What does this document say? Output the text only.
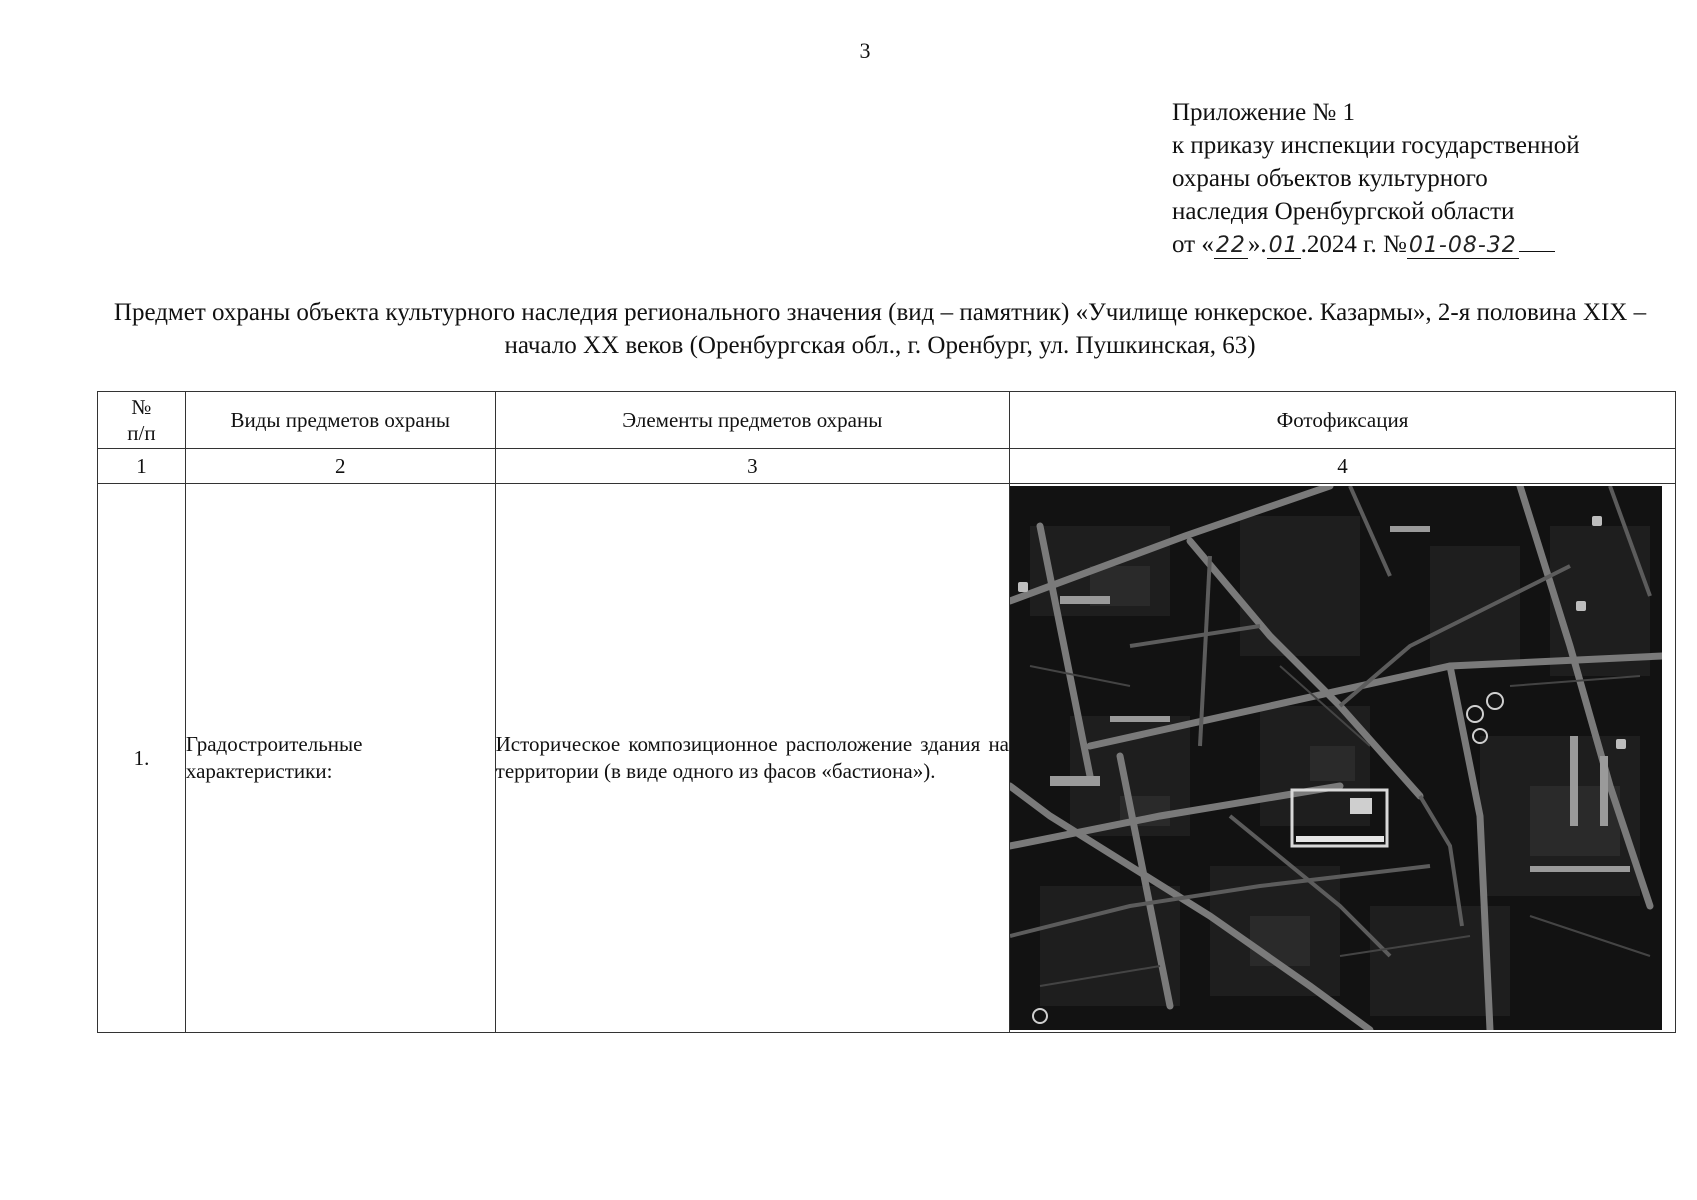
3
Приложение № 1
к приказу инспекции государственной
охраны объектов культурного
наследия Оренбургской области
от «22».01.2024 г. №01-08-32
Предмет охраны объекта культурного наследия регионального значения (вид – памятник) «Училище юнкерское. Казармы», 2-я половина XIX – начало XX веков (Оренбургская обл., г. Оренбург, ул. Пушкинская, 63)
№
п/п	Виды предметов охраны	Элементы предметов охраны	Фотофиксация
1	2	3	4
1.	Градостроительные характеристики:	Историческое композиционное расположение здания на территории (в виде одного из фасов «бастиона»).	
